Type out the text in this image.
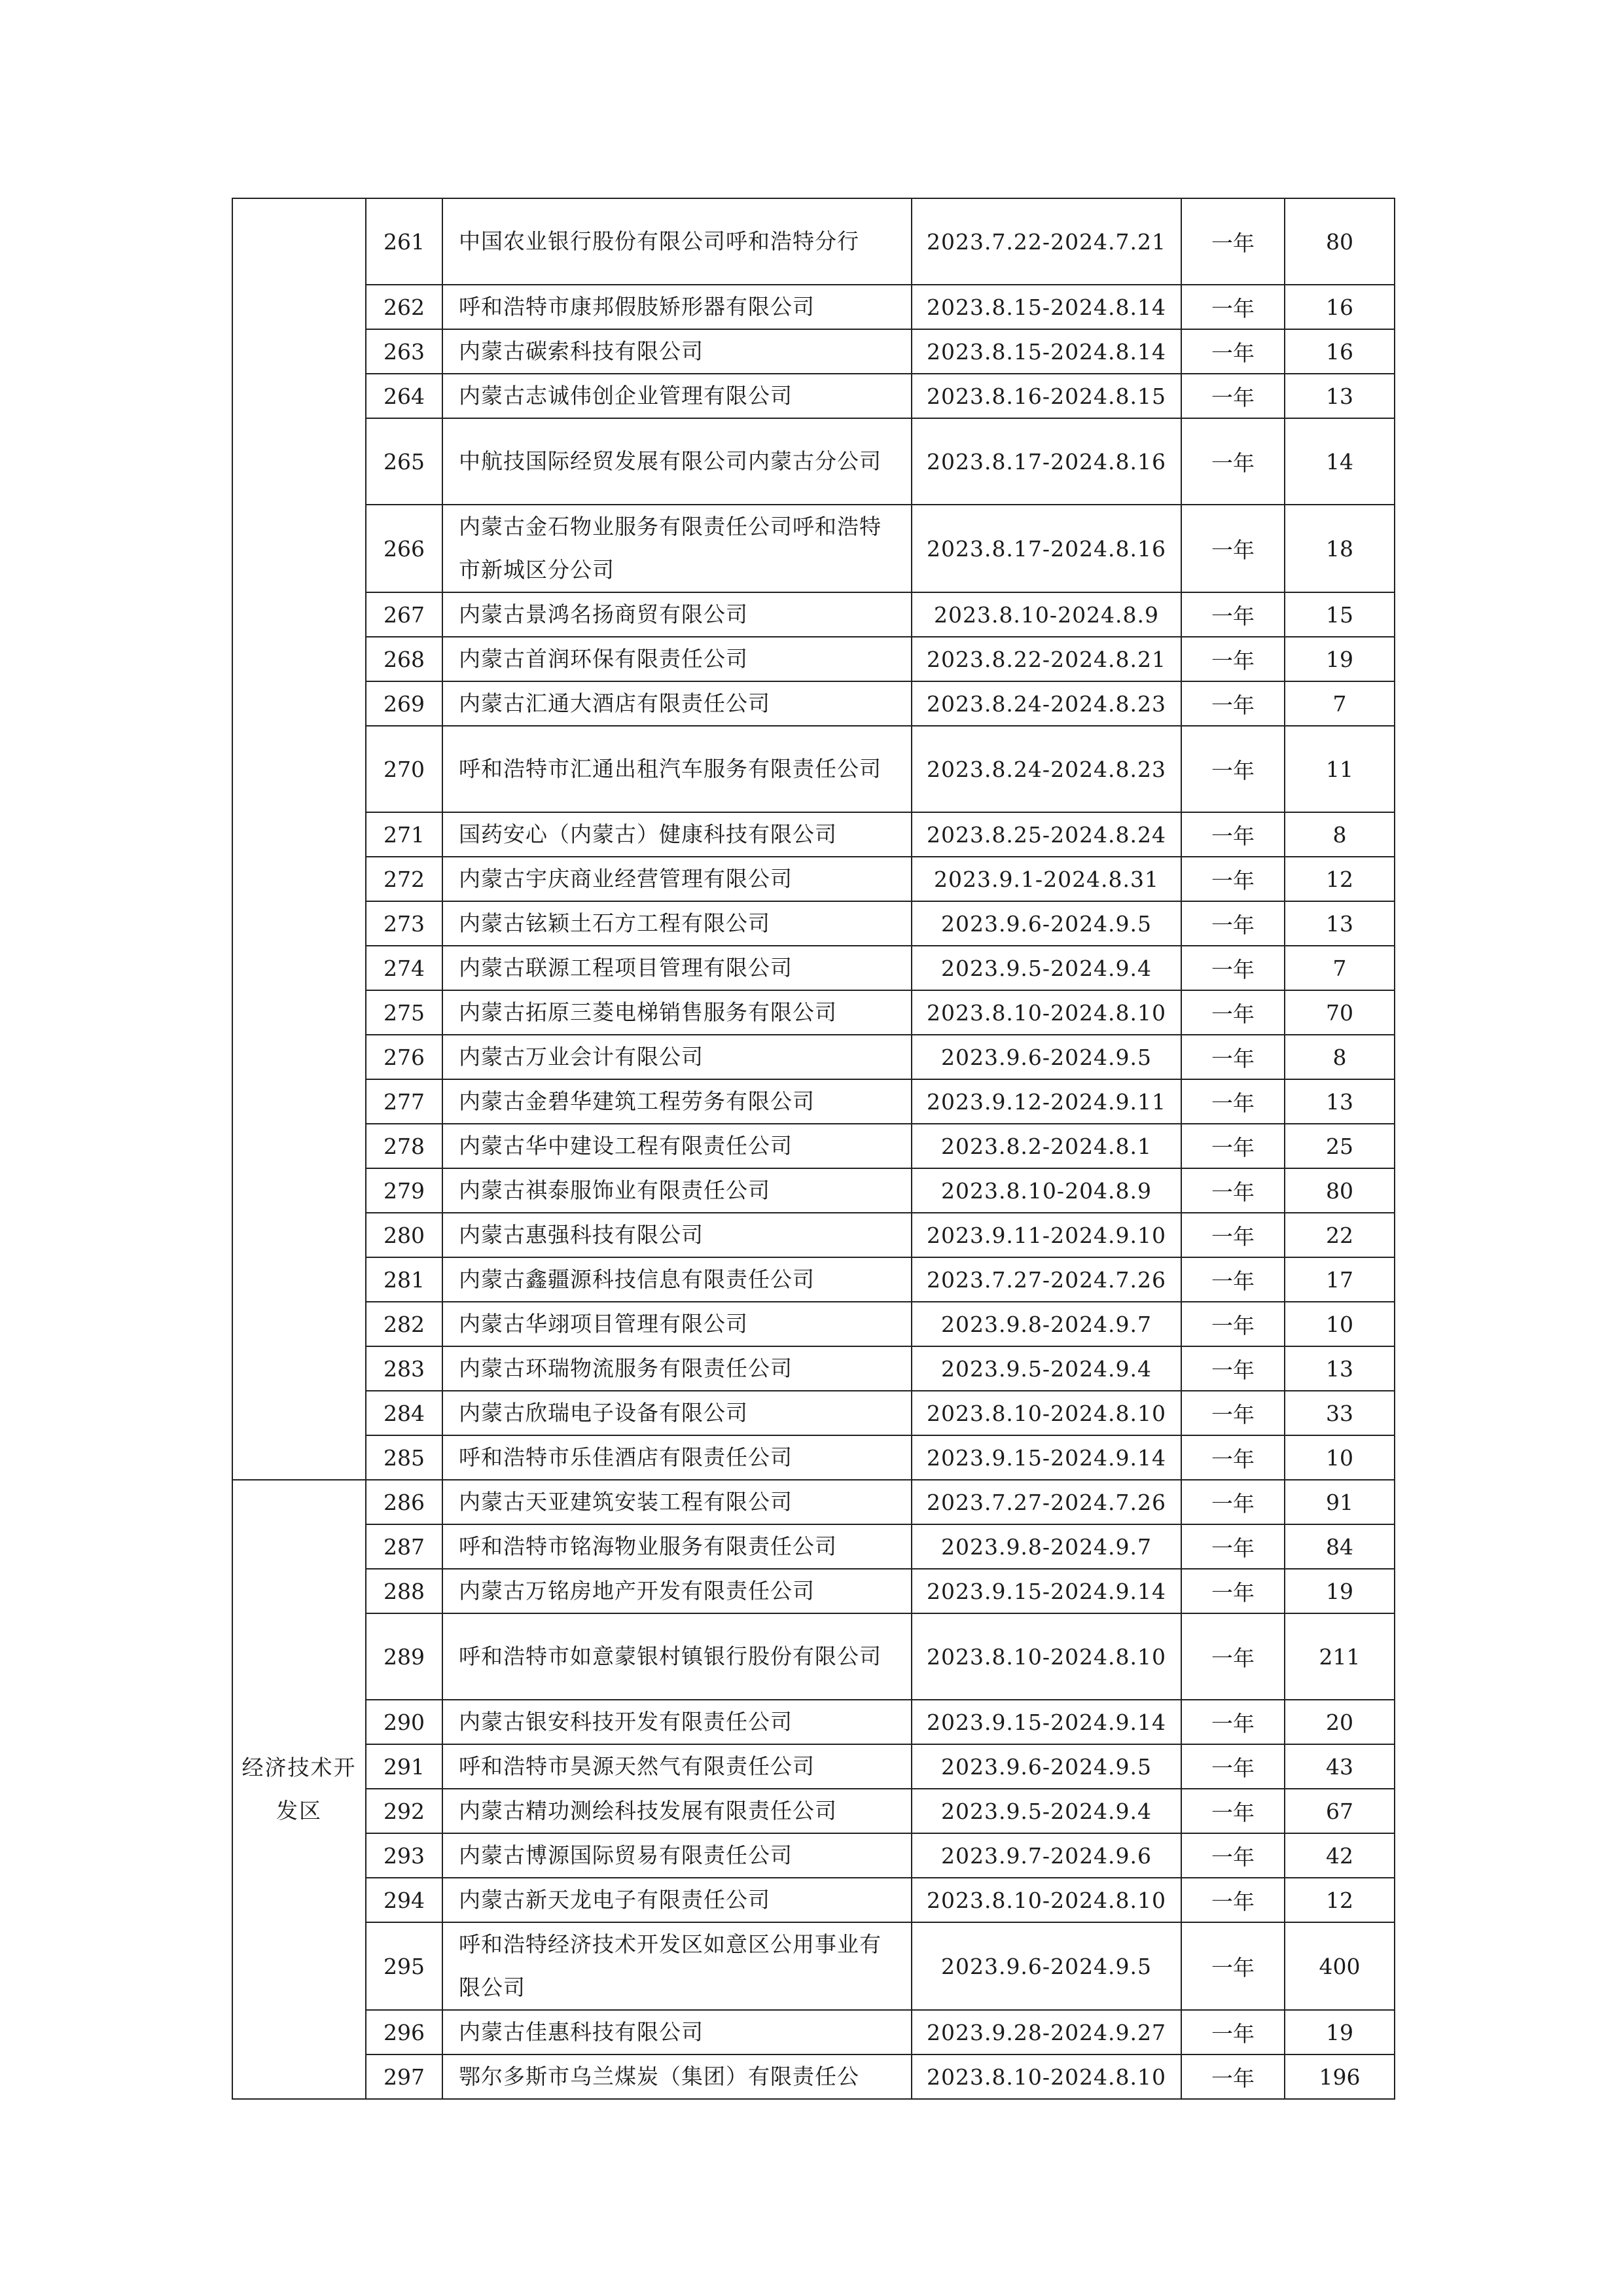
	261	中国农业银行股份有限公司呼和浩特分行	2023.7.22-2024.7.21	一年	80
	262	呼和浩特市康邦假肢矫形器有限公司	2023.8.15-2024.8.14	一年	16
	263	内蒙古碳索科技有限公司	2023.8.15-2024.8.14	一年	16
	264	内蒙古志诚伟创企业管理有限公司	2023.8.16-2024.8.15	一年	13
	265	中航技国际经贸发展有限公司内蒙古分公司	2023.8.17-2024.8.16	一年	14
	266	内蒙古金石物业服务有限责任公司呼和浩特市新城区分公司	2023.8.17-2024.8.16	一年	18
	267	内蒙古景鸿名扬商贸有限公司	2023.8.10-2024.8.9	一年	15
	268	内蒙古首润环保有限责任公司	2023.8.22-2024.8.21	一年	19
	269	内蒙古汇通大酒店有限责任公司	2023.8.24-2024.8.23	一年	7
	270	呼和浩特市汇通出租汽车服务有限责任公司	2023.8.24-2024.8.23	一年	11
	271	国药安心（内蒙古）健康科技有限公司	2023.8.25-2024.8.24	一年	8
	272	内蒙古宇庆商业经营管理有限公司	2023.9.1-2024.8.31	一年	12
	273	内蒙古铉颖土石方工程有限公司	2023.9.6-2024.9.5	一年	13
	274	内蒙古联源工程项目管理有限公司	2023.9.5-2024.9.4	一年	7
	275	内蒙古拓原三菱电梯销售服务有限公司	2023.8.10-2024.8.10	一年	70
	276	内蒙古万业会计有限公司	2023.9.6-2024.9.5	一年	8
	277	内蒙古金碧华建筑工程劳务有限公司	2023.9.12-2024.9.11	一年	13
	278	内蒙古华中建设工程有限责任公司	2023.8.2-2024.8.1	一年	25
	279	内蒙古祺泰服饰业有限责任公司	2023.8.10-204.8.9	一年	80
	280	内蒙古惠强科技有限公司	2023.9.11-2024.9.10	一年	22
	281	内蒙古鑫疆源科技信息有限责任公司	2023.7.27-2024.7.26	一年	17
	282	内蒙古华翊项目管理有限公司	2023.9.8-2024.9.7	一年	10
	283	内蒙古环瑞物流服务有限责任公司	2023.9.5-2024.9.4	一年	13
	284	内蒙古欣瑞电子设备有限公司	2023.8.10-2024.8.10	一年	33
	285	呼和浩特市乐佳酒店有限责任公司	2023.9.15-2024.9.14	一年	10
经济技术开发区	286	内蒙古天亚建筑安装工程有限公司	2023.7.27-2024.7.26	一年	91
	287	呼和浩特市铭海物业服务有限责任公司	2023.9.8-2024.9.7	一年	84
	288	内蒙古万铭房地产开发有限责任公司	2023.9.15-2024.9.14	一年	19
	289	呼和浩特市如意蒙银村镇银行股份有限公司	2023.8.10-2024.8.10	一年	211
	290	内蒙古银安科技开发有限责任公司	2023.9.15-2024.9.14	一年	20
	291	呼和浩特市昊源天然气有限责任公司	2023.9.6-2024.9.5	一年	43
	292	内蒙古精功测绘科技发展有限责任公司	2023.9.5-2024.9.4	一年	67
	293	内蒙古博源国际贸易有限责任公司	2023.9.7-2024.9.6	一年	42
	294	内蒙古新天龙电子有限责任公司	2023.8.10-2024.8.10	一年	12
	295	呼和浩特经济技术开发区如意区公用事业有限公司	2023.9.6-2024.9.5	一年	400
	296	内蒙古佳惠科技有限公司	2023.9.28-2024.9.27	一年	19
	297	鄂尔多斯市乌兰煤炭（集团）有限责任公	2023.8.10-2024.8.10	一年	196
